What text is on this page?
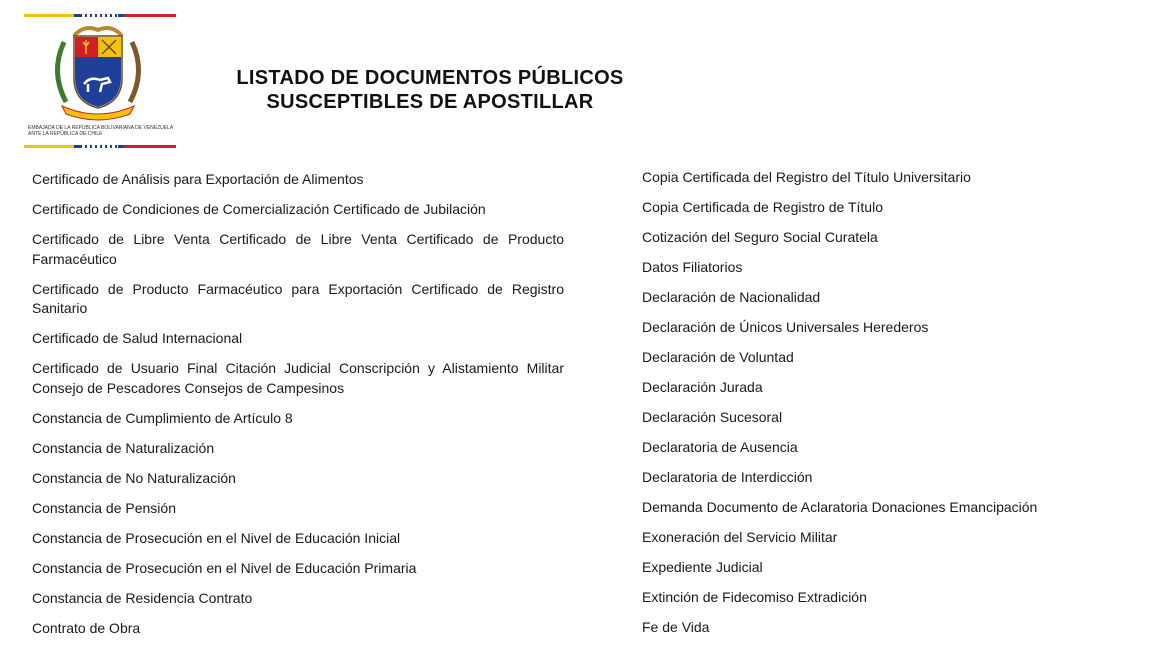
EMBAJADA DE LA REPÚBLICA BOLIVARIANA DE VENEZUELA ANTE LA REPÚBLICA DE CHILE
LISTADO DE DOCUMENTOS PÚBLICOS
SUSCEPTIBLES DE APOSTILLAR
Certificado de Análisis para Exportación de Alimentos
Certificado de Condiciones de Comercialización Certificado de Jubilación
Certificado de Libre Venta Certificado de Libre Venta Certificado de Producto Farmacéutico
Certificado de Producto Farmacéutico para Exportación Certificado de Registro Sanitario
Certificado de Salud Internacional
Certificado de Usuario Final Citación Judicial Conscripción y Alistamiento Militar Consejo de Pescadores Consejos de Campesinos
Constancia de Cumplimiento de Artículo 8
Constancia de Naturalización
Constancia de No Naturalización
Constancia de Pensión
Constancia de Prosecución en el Nivel de Educación Inicial
Constancia de Prosecución en el Nivel de Educación Primaria
Constancia de Residencia Contrato
Contrato de Obra
Copia Certificada del Registro del Título Universitario
Copia Certificada de Registro de Título
Cotización del Seguro Social Curatela
Datos Filiatorios
Declaración de Nacionalidad
Declaración de Únicos Universales Herederos
Declaración de Voluntad
Declaración Jurada
Declaración Sucesoral
Declaratoria de Ausencia
Declaratoria de Interdicción
Demanda Documento de Aclaratoria Donaciones Emancipación
Exoneración del Servicio Militar
Expediente Judicial
Extinción de Fidecomiso Extradición
Fe de Vida
